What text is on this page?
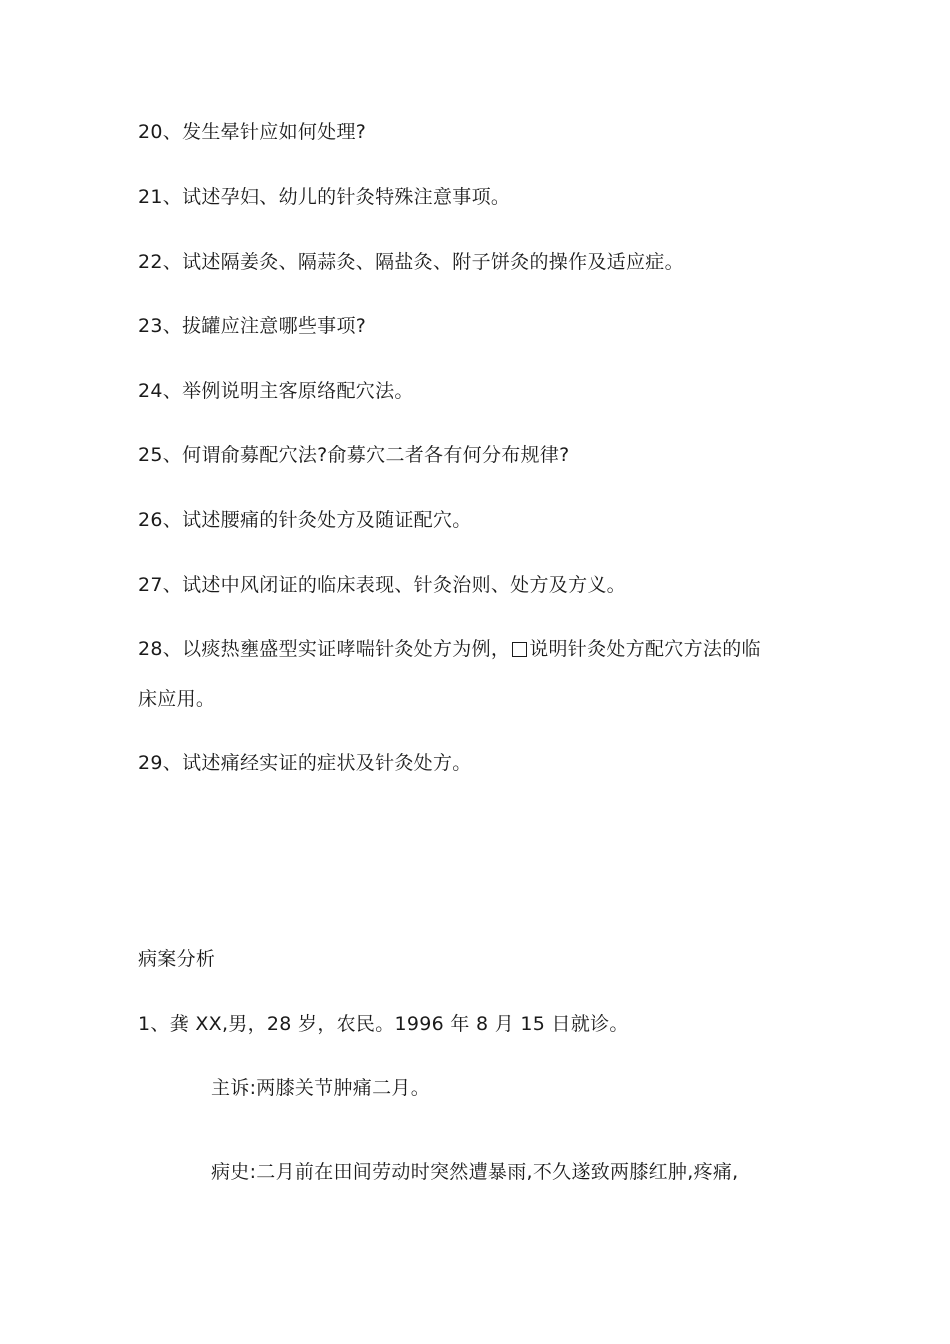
20、发生晕针应如何处理?
21、试述孕妇、幼儿的针灸特殊注意事项。
22、试述隔姜灸、隔蒜灸、隔盐灸、附子饼灸的操作及适应症。
23、拔罐应注意哪些事项?
24、举例说明主客原络配穴法。
25、何谓俞募配穴法?俞募穴二者各有何分布规律?
26、试述腰痛的针灸处方及随证配穴。
27、试述中风闭证的临床表现、针灸治则、处方及方义。
28、以痰热壅盛型实证哮喘针灸处方为例， 说明针灸处方配穴方法的临
床应用。
29、试述痛经实证的症状及针灸处方。
病案分析
1、龚 XX,男，28 岁，农民。1996 年 8 月 15 日就诊。
主诉:两膝关节肿痛二月。
病史:二月前在田间劳动时突然遭暴雨,不久遂致两膝红肿,疼痛,
